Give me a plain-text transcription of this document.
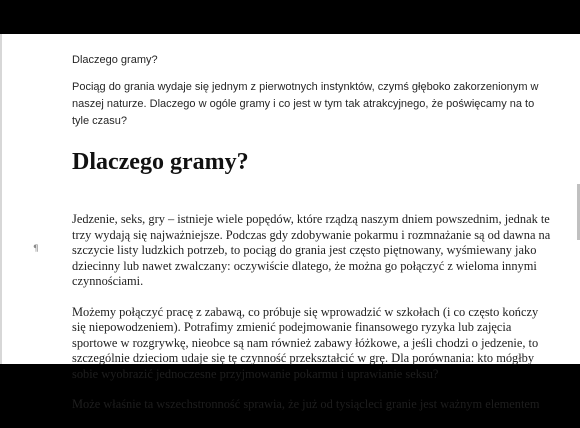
Dlaczego gramy?

Pociąg do grania wydaje się jednym z pierwotnych instynktów, czymś głęboko zakorzenionym w naszej naturze. Dlaczego w ogóle gramy i co jest w tym tak atrakcyjnego, że poświęcamy na to tyle czasu?

Dlaczego gramy?

Jedzenie, seks, gry – istnieje wiele popędów, które rządzą naszym dniem powszednim, jednak te trzy wydają się najważniejsze. Podczas gdy zdobywanie pokarmu i rozmnażanie są od dawna na szczycie listy ludzkich potrzeb, to pociąg do grania jest często piętnowany, wyśmiewany jako dziecinny lub nawet zwalczany: oczywiście dlatego, że można go połączyć z wieloma innymi czynnościami.

Możemy połączyć pracę z zabawą, co próbuje się wprowadzić w szkołach (i co często kończy się niepowodzeniem). Potrafimy zmienić podejmowanie finansowego ryzyka lub zajęcia sportowe w rozgrywkę, nieobce są nam również zabawy łóżkowe, a jeśli chodzi o jedzenie, to szczególnie dzieciom udaje się tę czynność przekształcić w grę. Dla porównania: kto mógłby sobie wyobrazić jednoczesne przyjmowanie pokarmu i uprawianie seksu?

Może właśnie ta wszechstronność sprawia, że już od tysiącleci granie jest ważnym elementem

¶
